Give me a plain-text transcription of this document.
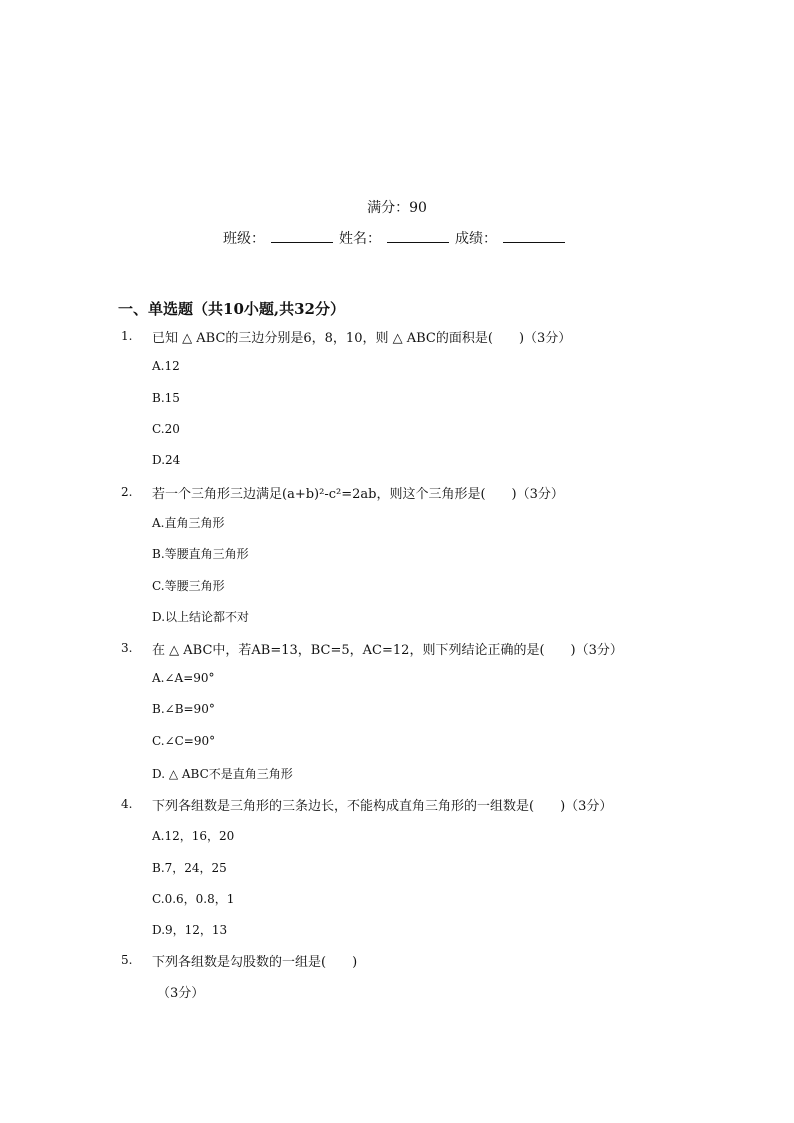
满分：90
班级：	姓名：	成绩：
一、单选题（共10小题,共32分）
1. 已知 △ ABC的三边分别是6，8，10，则 △ ABC的面积是(　　)（3分）
A.12
B.15
C.20
D.24
2. 若一个三角形三边满足(a+b)²-c²=2ab，则这个三角形是(　　)（3分）
A.直角三角形
B.等腰直角三角形
C.等腰三角形
D.以上结论都不对
3. 在 △ ABC中，若AB=13，BC=5，AC=12，则下列结论正确的是(　　)（3分）
A.∠A=90°
B.∠B=90°
C.∠C=90°
D. △ ABC不是直角三角形
4. 下列各组数是三角形的三条边长，不能构成直角三角形的一组数是(　　)（3分）
A.12，16，20
B.7，24，25
C.0.6，0.8，1
D.9，12，13
5. 下列各组数是勾股数的一组是(　　)
（3分）
